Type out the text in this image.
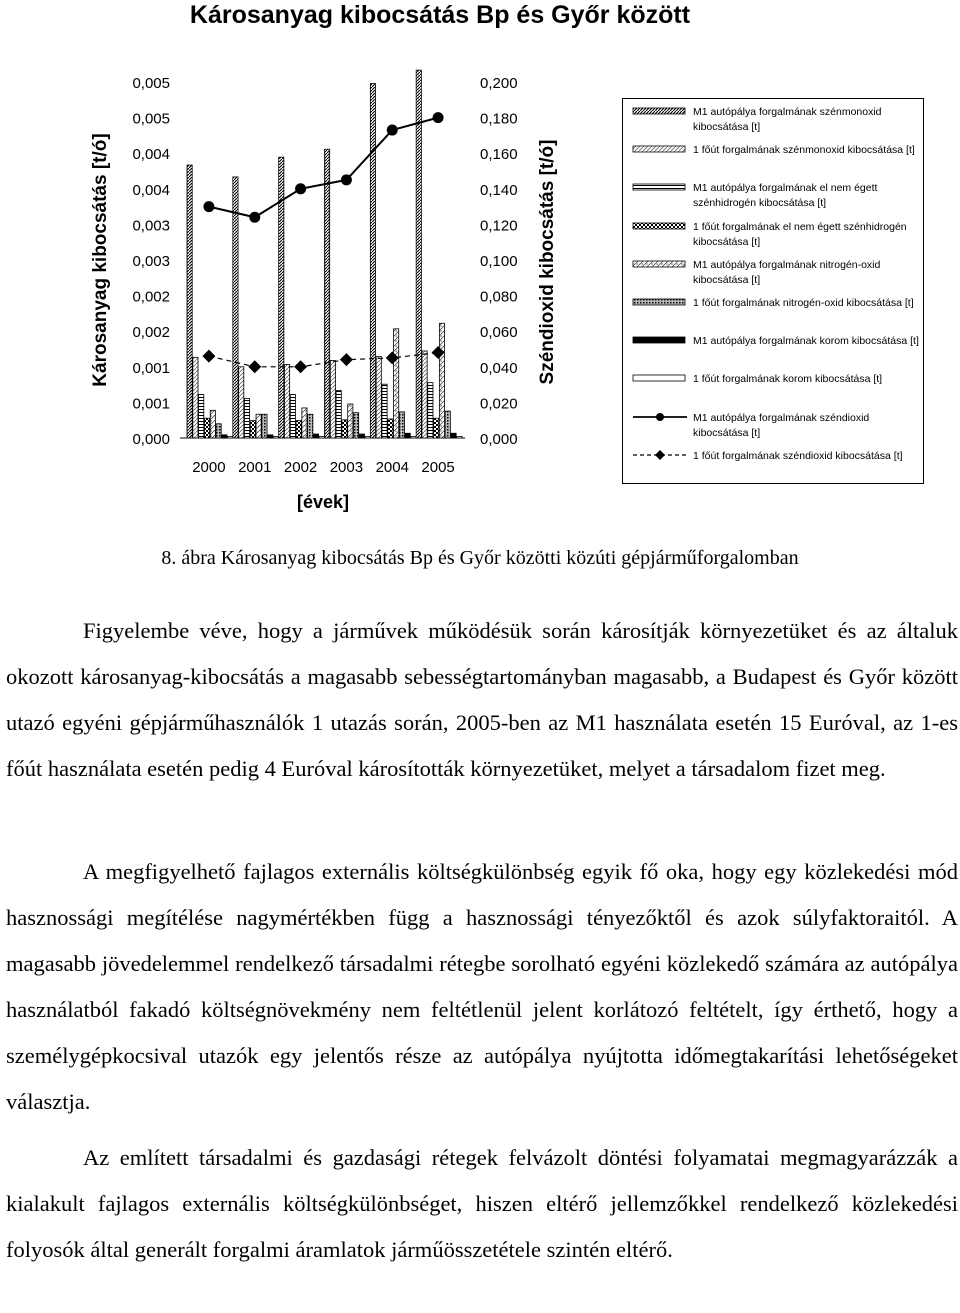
Károsanyag kibocsátás Bp és Győr között
0,000
0,001
0,001
0,002
0,002
0,003
0,003
0,004
0,004
0,005
0,005
0,000
0,020
0,040
0,060
0,080
0,100
0,120
0,140
0,160
0,180
0,200
Károsanyag kibocsátás [t/ó]	Széndioxid kibocsátás [t/ó]
[évek]
2000 2001 2002 2003 2004 2005
M1 autópálya forgalmának szénmonoxid kibocsátása [t]
1 főút forgalmának szénmonoxid kibocsátása [t]
M1 autópálya forgalmának el nem égett szénhidrogén kibocsátása [t]
1 főút forgalmának el nem égett szénhidrogén kibocsátása [t]
M1 autópálya forgalmának nitrogén-oxid kibocsátása [t]
1 főút forgalmának nitrogén-oxid kibocsátása [t]
M1 autópálya forgalmának korom kibocsátása [t]
1 főút forgalmának korom kibocsátása [t]
M1 autópálya forgalmának széndioxid kibocsátása [t]
1 főút forgalmának széndioxid kibocsátása [t]
8. ábra Károsanyag kibocsátás Bp és Győr közötti közúti gépjárműforgalomban

Figyelembe véve, hogy a járművek működésük során károsítják környezetüket és az általuk okozott károsanyag-kibocsátás a magasabb sebességtartományban magasabb, a Budapest és Győr között utazó egyéni gépjárműhasználók 1 utazás során, 2005-ben az M1 használata esetén 15 Euróval, az 1-es főút használata esetén pedig 4 Euróval károsították környezetüket, melyet a társadalom fizet meg.

A megfigyelhető fajlagos externális költségkülönbség egyik fő oka, hogy egy közlekedési mód hasznossági megítélése nagymértékben függ a hasznossági tényezőktől és azok súlyfaktoraitól. A magasabb jövedelemmel rendelkező társadalmi rétegbe sorolható egyéni közlekedő számára az autópálya használatból fakadó költségnövekmény nem feltétlenül jelent korlátozó feltételt, így érthető, hogy a személygépkocsival utazók egy jelentős része az autópálya nyújtotta időmegtakarítási lehetőségeket választja.

Az említett társadalmi és gazdasági rétegek felvázolt döntési folyamatai megmagyarázzák a kialakult fajlagos externális költségkülönbséget, hiszen eltérő jellemzőkkel rendelkező közlekedési folyosók által generált forgalmi áramlatok járműösszetétele szintén eltérő.
